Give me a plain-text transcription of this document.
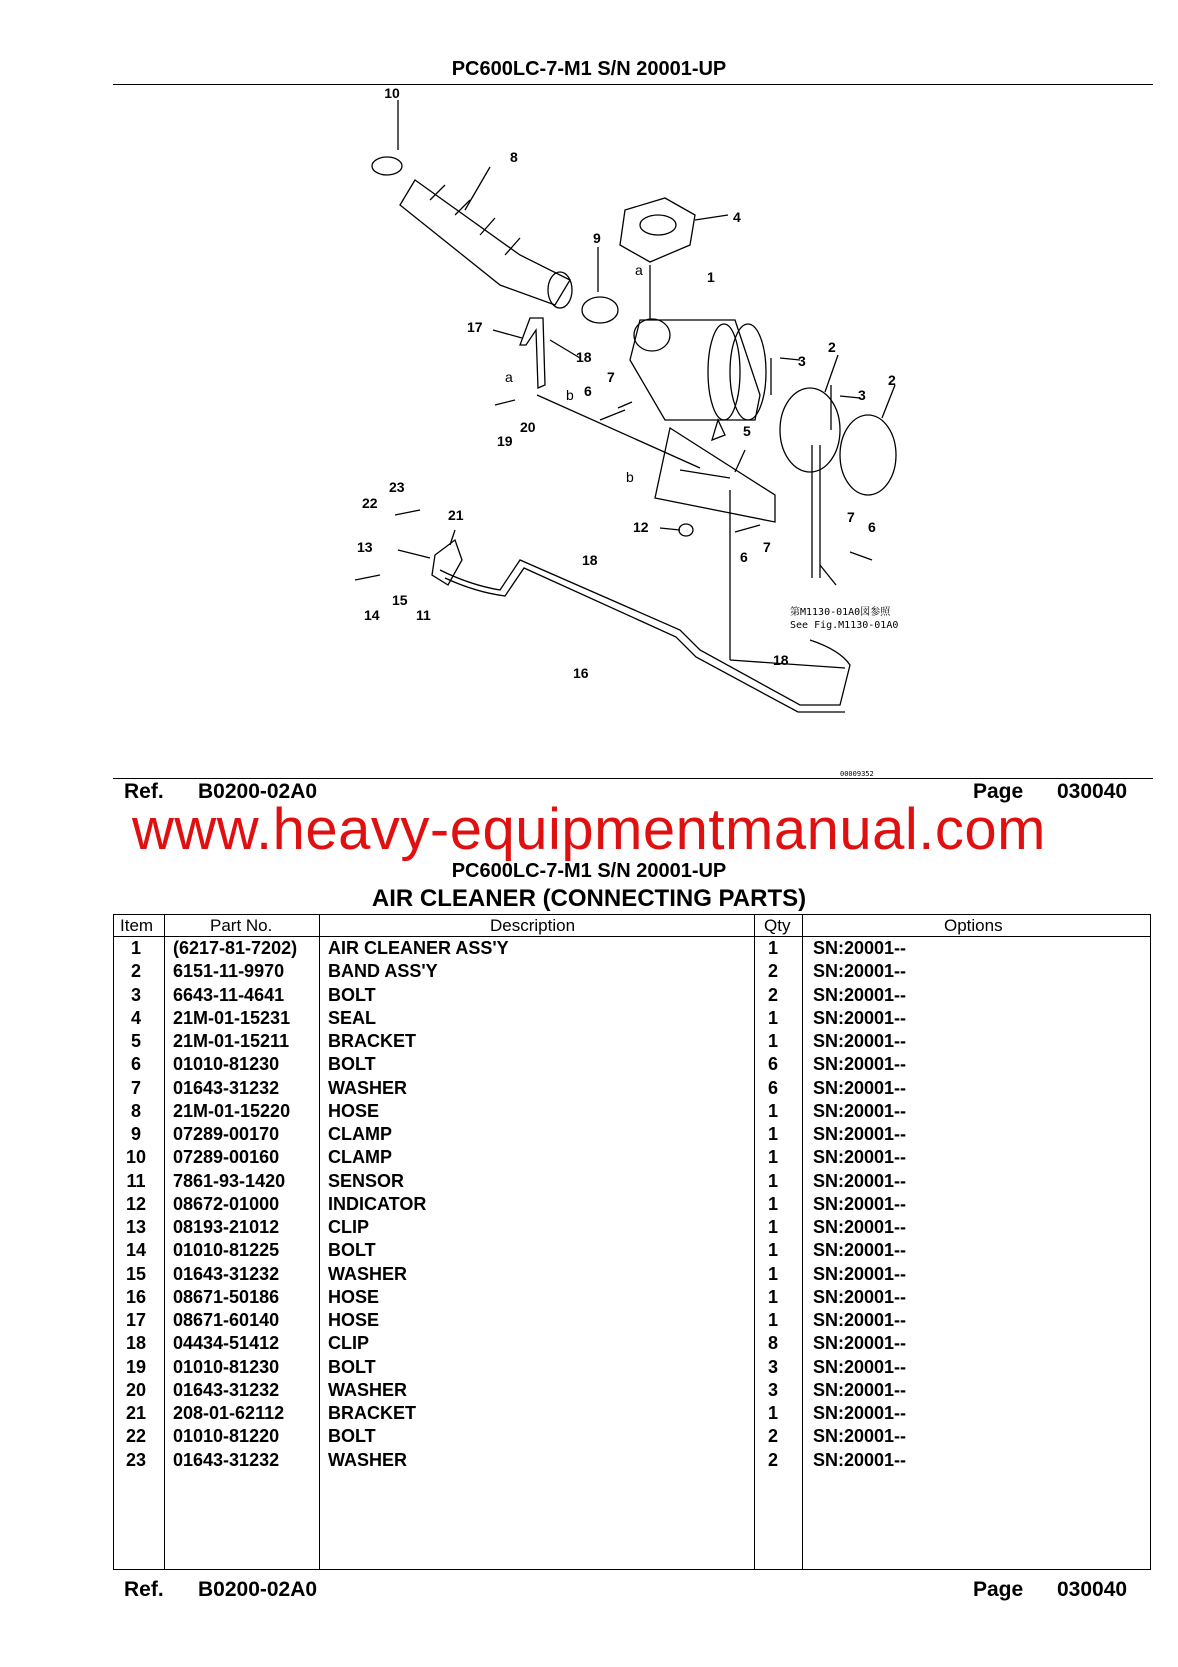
PC600LC-7-M1 S/N 20001-UP
10
8
4
9
1
17
18	3
2
3
2
a
b 6
7
19
20	5
a
b
23
22
21
13
12
7
6
6
7
18
15
14	11
16
18
第M1130-01A0図参照
See Fig.M1130-01A0
00009352
Ref. B0200-02A0	Page 030040
www.heavy-equipmentmanual.com
PC600LC-7-M1 S/N 20001-UP
AIR CLEANER (CONNECTING PARTS)
Item	Part No.	Description	Qty	Options
1 (6217-81-7202) AIR CLEANER ASS'Y	1 SN:20001--
2 6151-11-9970 BAND ASS'Y	2 SN:20001--
3 6643-11-4641 BOLT	2 SN:20001--
4 21M-01-15231 SEAL	1 SN:20001--
5 21M-01-15211 BRACKET	1 SN:20001--
6 01010-81230	BOLT	6 SN:20001--
7 01643-31232	WASHER	6 SN:20001--
8 21M-01-15220 HOSE	1 SN:20001--
9 07289-00170	CLAMP	1 SN:20001--
10 07289-00160	CLAMP	1 SN:20001--
11 7861-93-1420 SENSOR	1 SN:20001--
12 08672-01000	INDICATOR	1 SN:20001--
13 08193-21012	CLIP	1 SN:20001--
14 01010-81225	BOLT	1 SN:20001--
15 01643-31232	WASHER	1 SN:20001--
16 08671-50186	HOSE	1 SN:20001--
17 08671-60140	HOSE	1 SN:20001--
18 04434-51412	CLIP	8 SN:20001--
19 01010-81230	BOLT	3 SN:20001--
20 01643-31232	WASHER	3 SN:20001--
21 208-01-62112 BRACKET	1 SN:20001--
22 01010-81220	BOLT	2 SN:20001--
23 01643-31232	WASHER	2 SN:20001--
Ref. B0200-02A0	Page 030040
